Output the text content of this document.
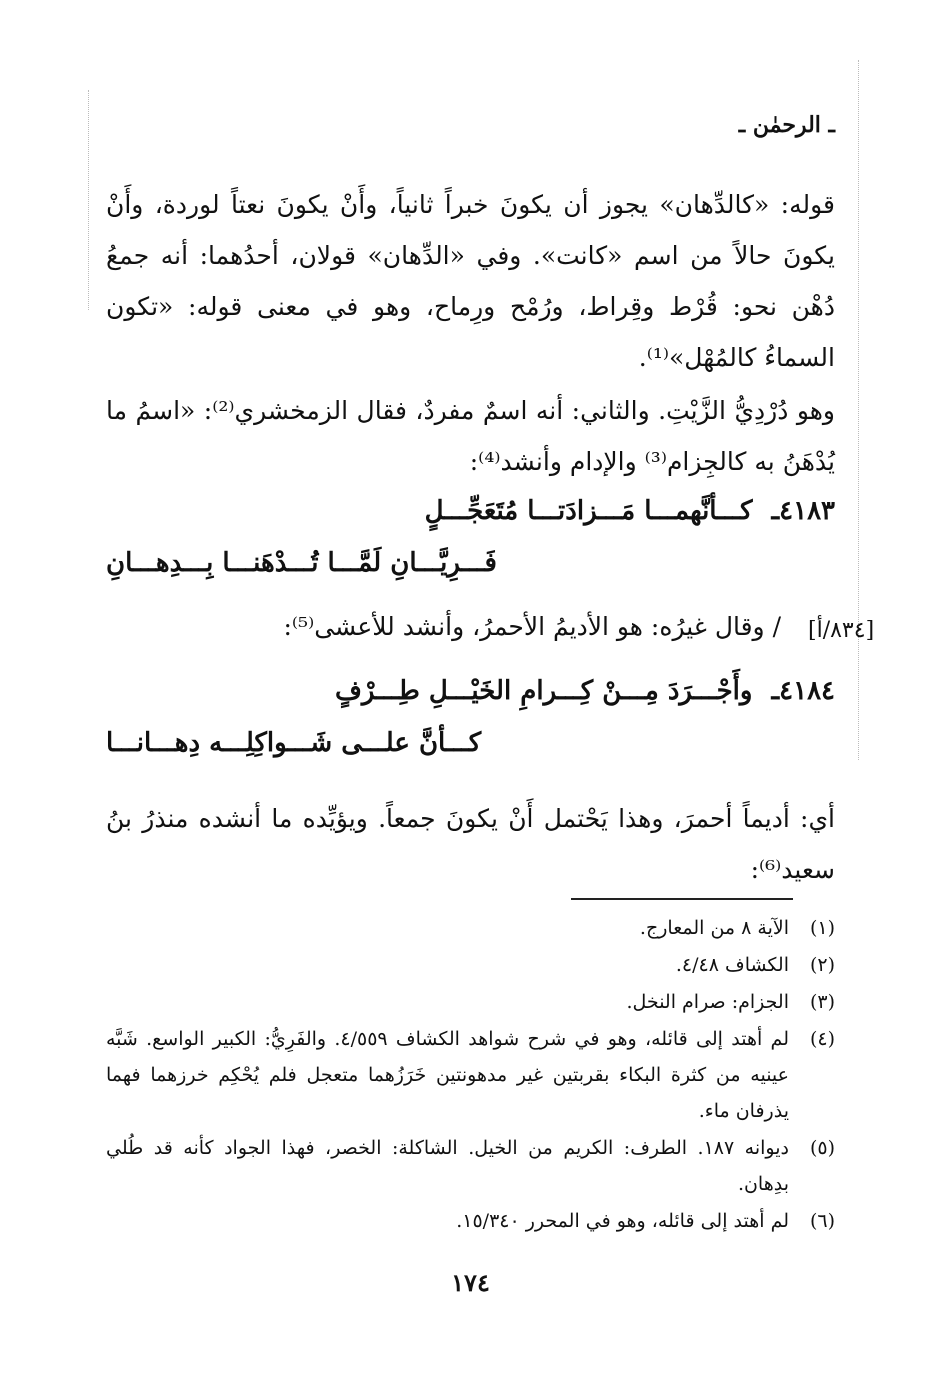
ـ الرحمٰن ـ

قوله: «كالدِّهان» يجوز أن يكونَ خبراً ثانياً، وأَنْ يكونَ نعتاً لوردة، وأَنْ يكونَ حالاً من اسم «كانت». وفي «الدِّهان» قولان، أحدُهما: أنه جمعُ دُهْن نحو: قُرْط وقِراط، ورُمْح ورِماح، وهو في معنى قوله: «تكون السماءُ كالمُهْل»⁽¹⁾.

وهو دُرْدِيُّ الزَّيْتِ. والثاني: أنه اسمٌ مفردٌ، فقال الزمخشري⁽²⁾: «اسمُ ما يُدْهَنُ به كالجِزام⁽³⁾ والإدام وأنشد⁽⁴⁾:

٤١٨٣ـ كـــأنَّهمـــا مَـــزادَتـــا مُتَعَجِّـــلٍ
فَـــرِيَّـــانِ لَمَّـــا تُـــدْهَنـــا بِـــدِهـــانِ
[٨٣٤/أ]
/ وقال غيرُه: هو الأديمُ الأحمرُ، وأنشد للأعشى⁽⁵⁾:
٤١٨٤ـ وأَجْـــرَدَ مِـــنْ كِـــرامِ الخَيْـــلِ طِـــرْفٍ
كـــأنَّ علـــى شَـــواكِلِـــه دِهـــانـــا

أي: أديماً أحمرَ، وهذا يَحْتمل أَنْ يكونَ جمعاً. ويؤيِّده ما أنشده منذرُ بنُ سعيد⁽⁶⁾:

(١)
الآية ٨ من المعارج.
(٢)
الكشاف ٤/٤٨.
(٣)
الجزام: صرام النخل.
(٤)
لم أهتد إلى قائله، وهو في شرح شواهد الكشاف ٤/٥٥٩. والفَرِيُّ: الكبير الواسع. شَبَّه عينيه من كثرة البكاء بقربتين غير مدهونتين خَرَزُهما متعجل فلم يُحْكِم خرزهما فهما يذرفان ماء.
(٥)
ديوانه ١٨٧. الطرف: الكريم من الخيل. الشاكلة: الخصر، فهذا الجواد كأنه قد طُلي بدِهان.
(٦)
لم أهتد إلى قائله، وهو في المحرر ١٥/٣٤٠.
١٧٤
